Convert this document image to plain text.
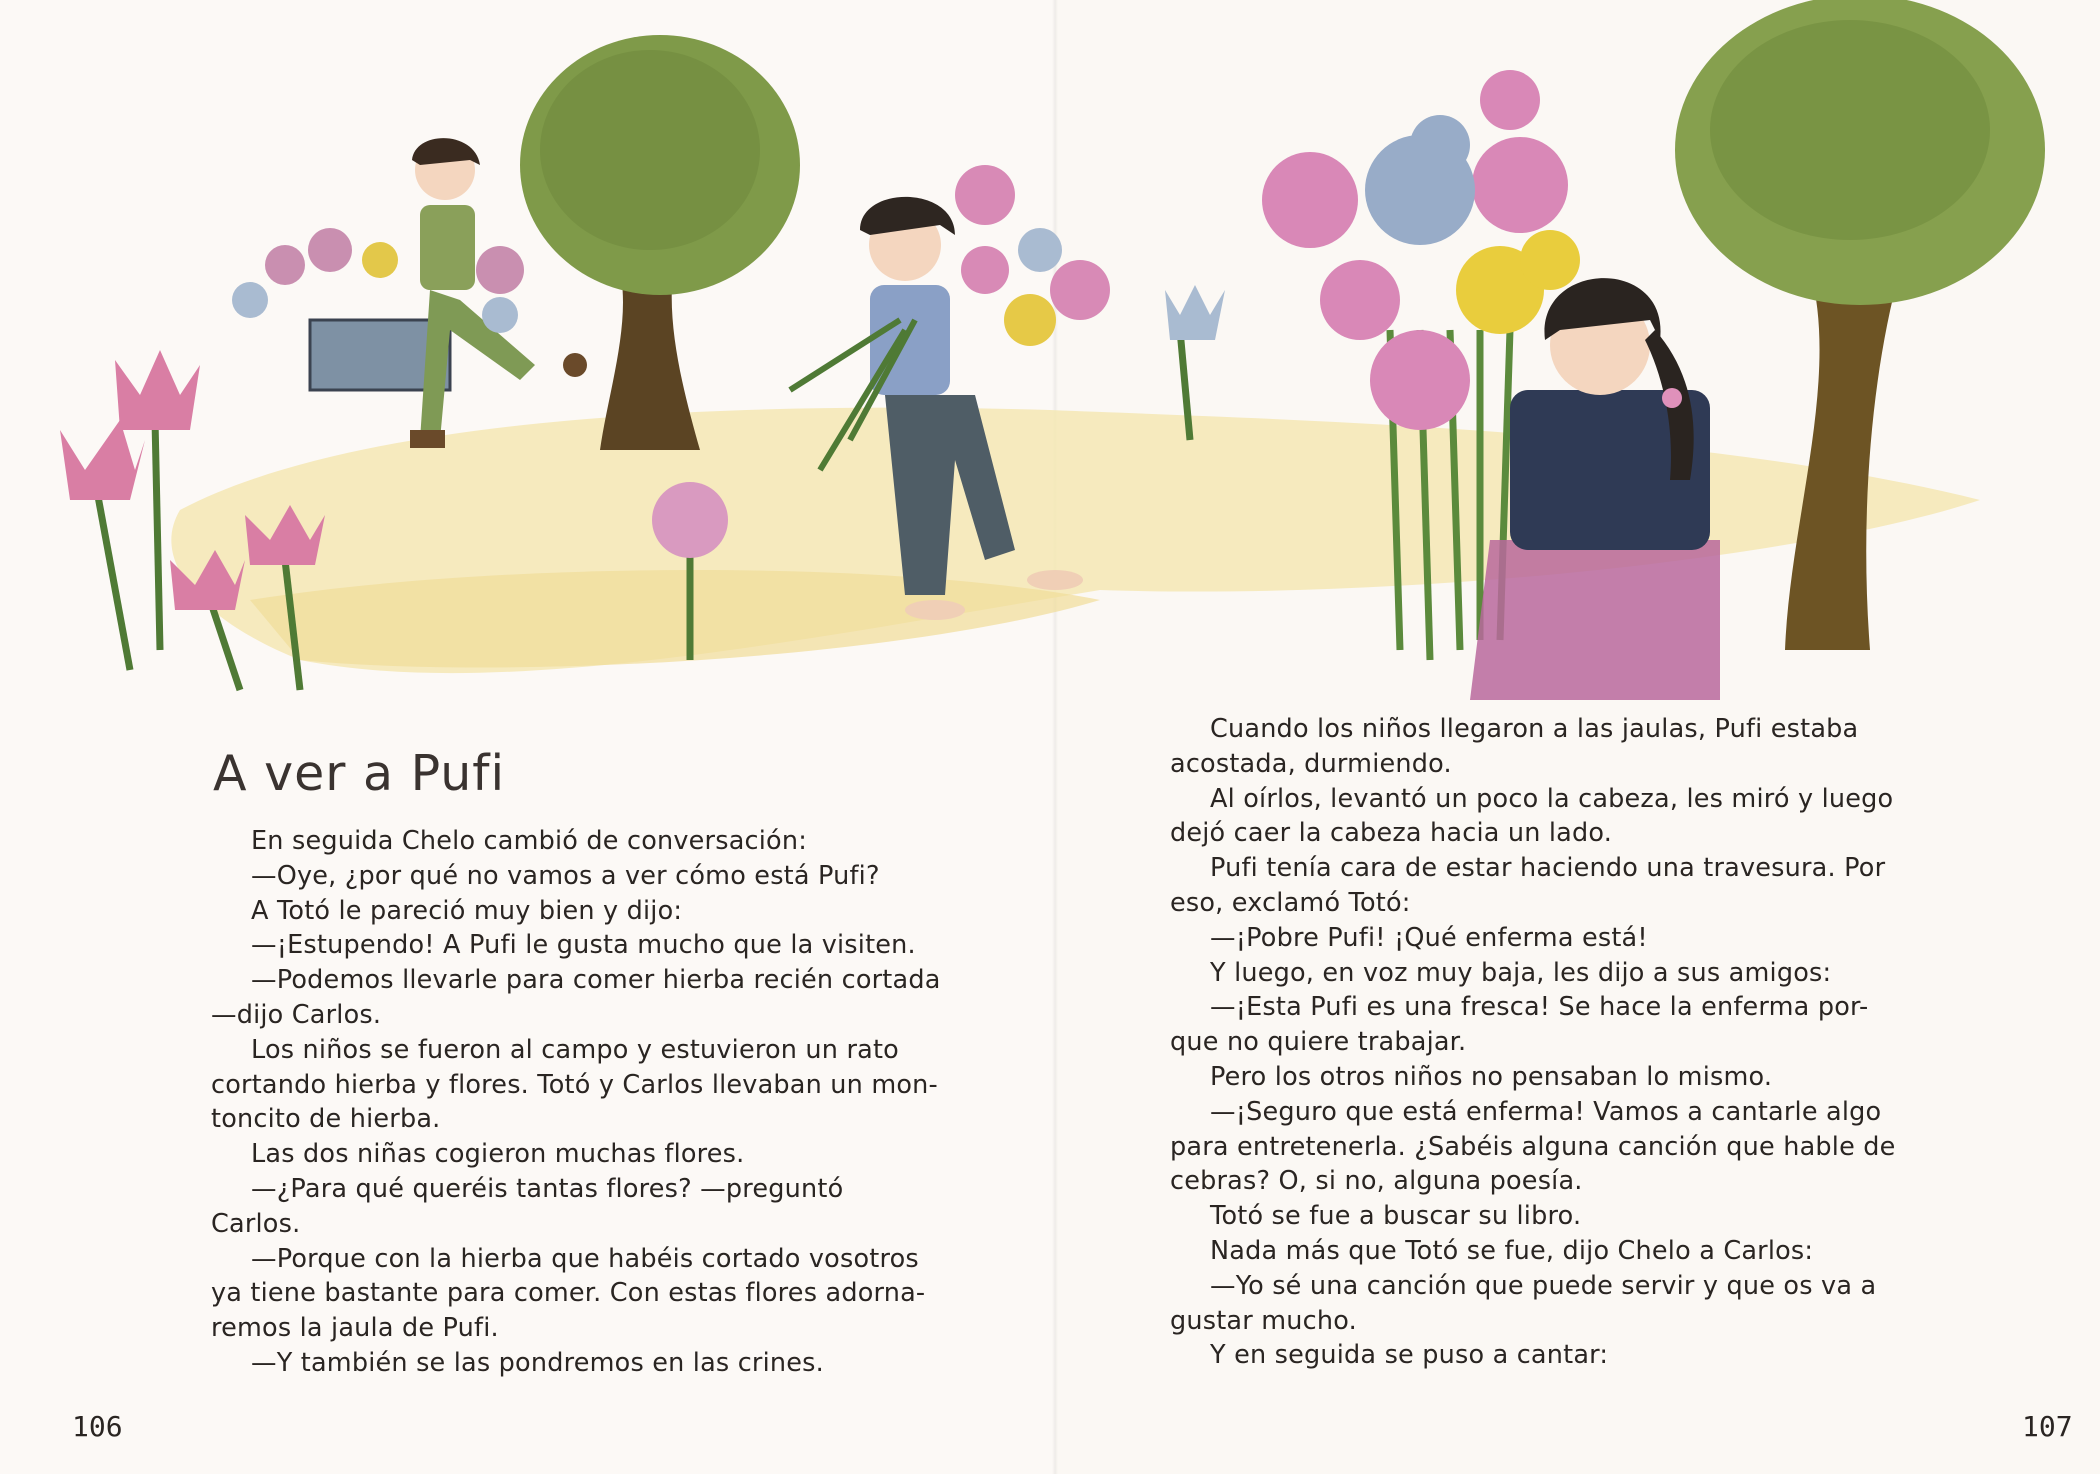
A ver a Pufi

En seguida Chelo cambió de conversación:

—Oye, ¿por qué no vamos a ver cómo está Pufi?

A Totó le pareció muy bien y dijo:

—¡Estupendo! A Pufi le gusta mucho que la visiten.

—Podemos llevarle para comer hierba recién cortada

—dijo Carlos.

Los niños se fueron al campo y estuvieron un rato

cortando hierba y flores. Totó y Carlos llevaban un mon-

toncito de hierba.

Las dos niñas cogieron muchas flores.

—¿Para qué queréis tantas flores? —preguntó

Carlos.

—Porque con la hierba que habéis cortado vosotros

ya tiene bastante para comer. Con estas flores adorna-

remos la jaula de Pufi.

—Y también se las pondremos en las crines.

106

Cuando los niños llegaron a las jaulas, Pufi estaba

acostada, durmiendo.

Al oírlos, levantó un poco la cabeza, les miró y luego

dejó caer la cabeza hacia un lado.

Pufi tenía cara de estar haciendo una travesura. Por

eso, exclamó Totó:

—¡Pobre Pufi! ¡Qué enferma está!

Y luego, en voz muy baja, les dijo a sus amigos:

—¡Esta Pufi es una fresca! Se hace la enferma por-

que no quiere trabajar.

Pero los otros niños no pensaban lo mismo.

—¡Seguro que está enferma! Vamos a cantarle algo

para entretenerla. ¿Sabéis alguna canción que hable de

cebras? O, si no, alguna poesía.

Totó se fue a buscar su libro.

Nada más que Totó se fue, dijo Chelo a Carlos:

—Yo sé una canción que puede servir y que os va a

gustar mucho.

Y en seguida se puso a cantar:

107
